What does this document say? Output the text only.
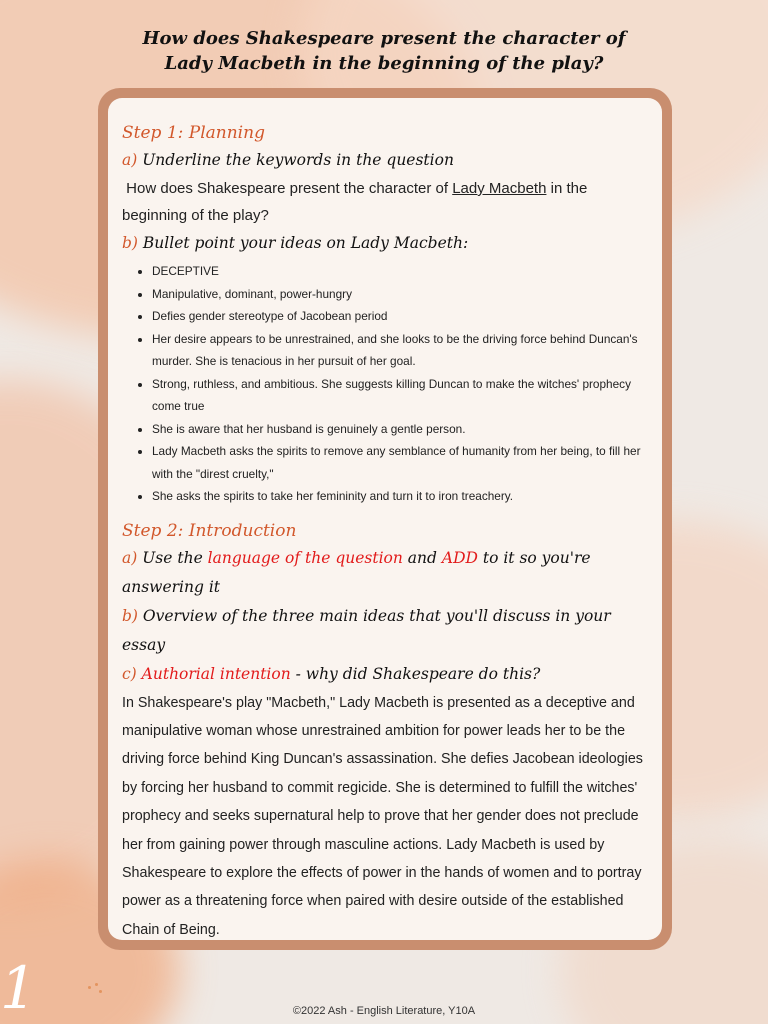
How does Shakespeare present the character of
Lady Macbeth in the beginning of the play?

Step 1: Planning

a) Underline the keywords in the question

How does Shakespeare present the character of Lady Macbeth in the beginning of the play?

b) Bullet point your ideas on Lady Macbeth:

• DECEPTIVE
• Manipulative, dominant, power-hungry
• Defies gender stereotype of Jacobean period
• Her desire appears to be unrestrained, and she looks to be the driving force behind Duncan's murder. She is tenacious in her pursuit of her goal.
• Strong, ruthless, and ambitious. She suggests killing Duncan to make the witches' prophecy come true
• She is aware that her husband is genuinely a gentle person.
• Lady Macbeth asks the spirits to remove any semblance of humanity from her being, to fill her with the "direst cruelty,"
• She asks the spirits to take her femininity and turn it to iron treachery.

Step 2: Introduction

a) Use the language of the question and ADD to it so you're answering it

b) Overview of the three main ideas that you'll discuss in your essay

c) Authorial intention - why did Shakespeare do this?

In Shakespeare's play "Macbeth," Lady Macbeth is presented as a deceptive and manipulative woman whose unrestrained ambition for power leads her to be the driving force behind King Duncan's assassination. She defies Jacobean ideologies by forcing her husband to commit regicide. She is determined to fulfill the witches' prophecy and seeks supernatural help to prove that her gender does not preclude her from gaining power through masculine actions. Lady Macbeth is used by Shakespeare to explore the effects of power in the hands of women and to portray power as a threatening force when paired with desire outside of the established Chain of Being.

1	©2022 Ash - English Literature, Y10A
